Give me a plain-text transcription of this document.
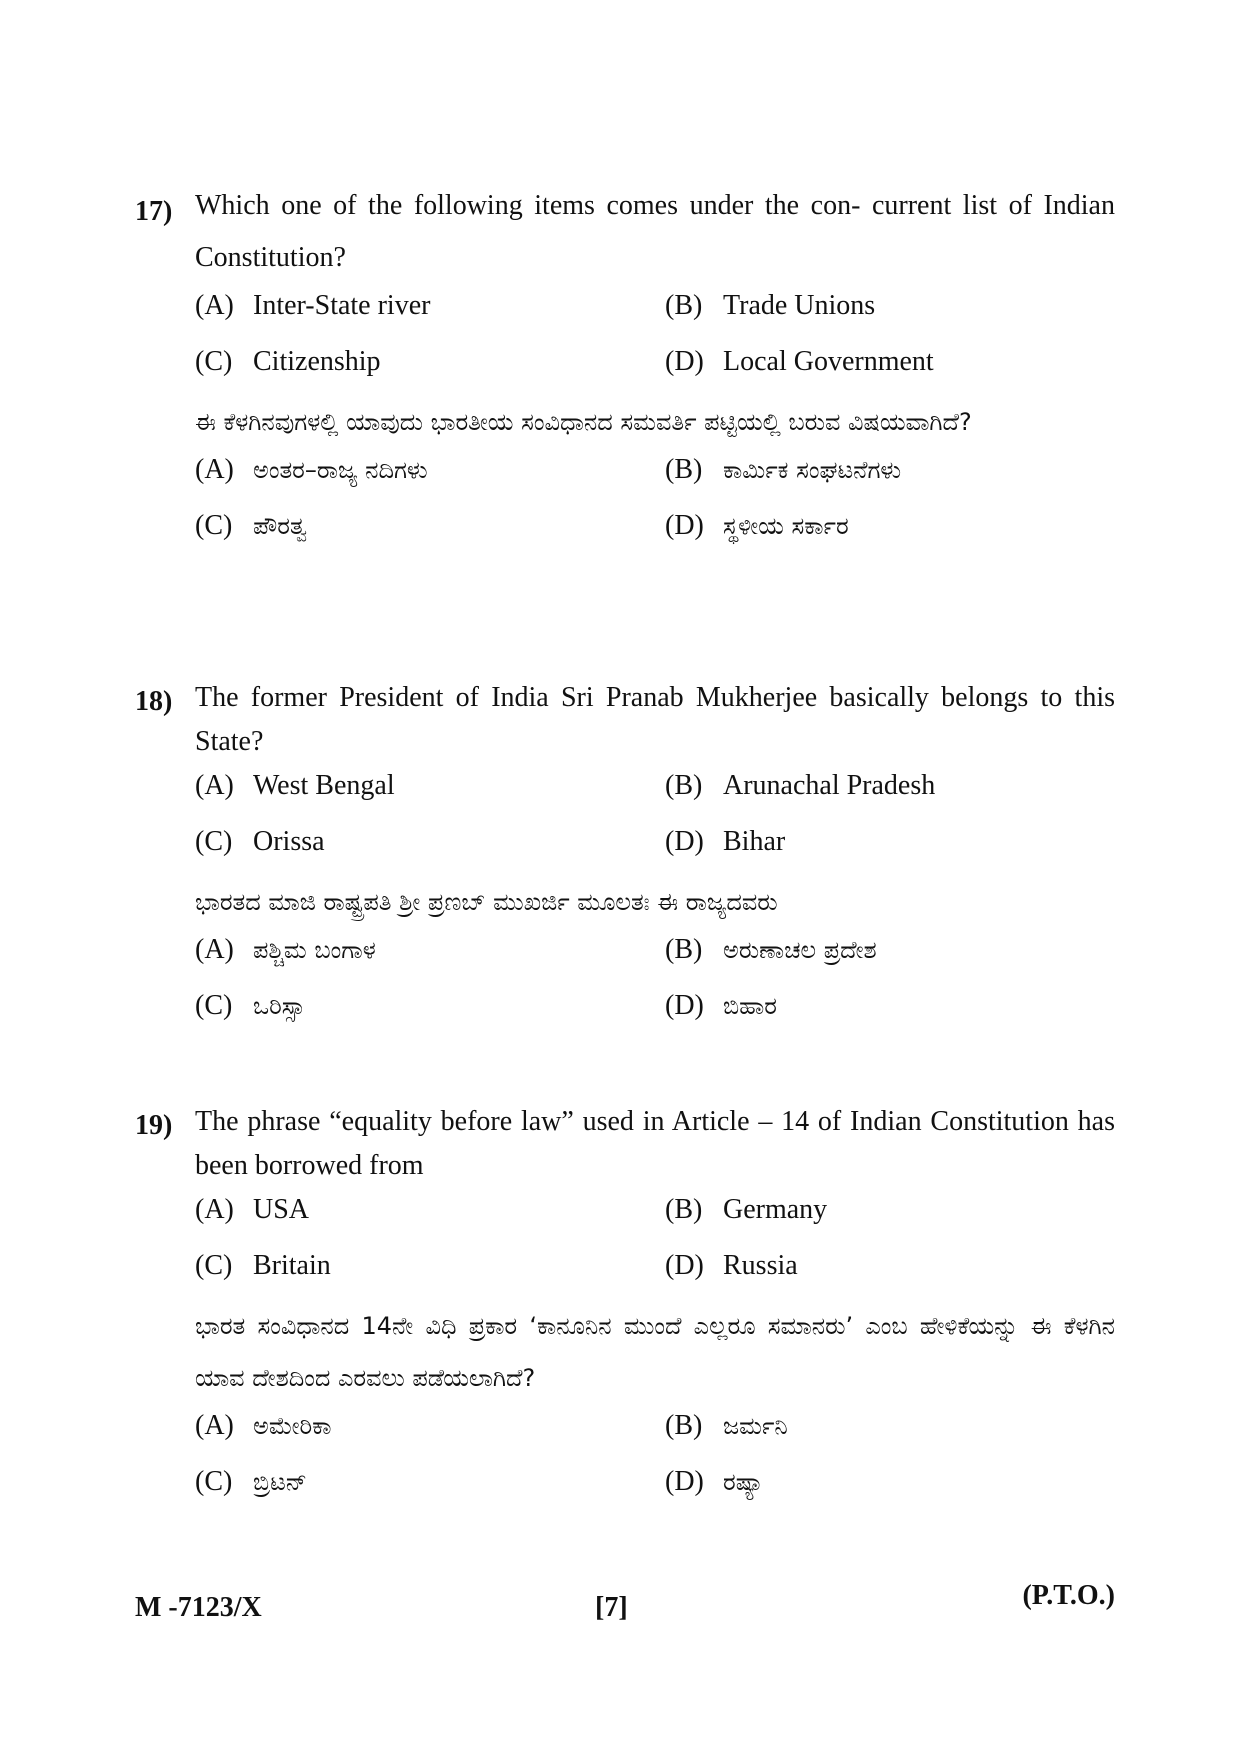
17) Which one of the following items comes under the con- current list of Indian Constitution?
(A) Inter-State river	(B) Trade Unions
(C) Citizenship	(D) Local Government
ಈ ಕೆಳಗಿನವುಗಳಲ್ಲಿ ಯಾವುದು ಭಾರತೀಯ ಸಂವಿಧಾನದ ಸಮವರ್ತಿ ಪಟ್ಟಿಯಲ್ಲಿ ಬರುವ ವಿಷಯವಾಗಿದೆ?
(A) ಅಂತರ–ರಾಜ್ಯ ನದಿಗಳು	(B) ಕಾರ್ಮಿಕ ಸಂಘಟನೆಗಳು
(C) ಪೌರತ್ವ	(D) ಸ್ಥಳೀಯ ಸರ್ಕಾರ
18) The former President of India Sri Pranab Mukherjee basically belongs to this State?
(A) West Bengal	(B) Arunachal Pradesh
(C) Orissa	(D) Bihar
ಭಾರತದ ಮಾಜಿ ರಾಷ್ಟ್ರಪತಿ ಶ್ರೀ ಪ್ರಣಬ್ ಮುಖರ್ಜಿ ಮೂಲತಃ ಈ ರಾಜ್ಯದವರು
(A) ಪಶ್ಚಿಮ ಬಂಗಾಳ	(B) ಅರುಣಾಚಲ ಪ್ರದೇಶ
(C) ಒರಿಸ್ಸಾ	(D) ಬಿಹಾರ
19) The phrase “equality before law” used in Article – 14 of Indian Constitution has been borrowed from
(A) USA	(B) Germany
(C) Britain	(D) Russia
ಭಾರತ ಸಂವಿಧಾನದ 14ನೇ ವಿಧಿ ಪ್ರಕಾರ ‘ಕಾನೂನಿನ ಮುಂದೆ ಎಲ್ಲರೂ ಸಮಾನರು’ ಎಂಬ ಹೇಳಿಕೆಯನ್ನು ಈ ಕೆಳಗಿನ ಯಾವ ದೇಶದಿಂದ ಎರವಲು ಪಡೆಯಲಾಗಿದೆ?
(A) ಅಮೇರಿಕಾ	(B) ಜರ್ಮನಿ
(C) ಬ್ರಿಟನ್	(D) ರಷ್ಯಾ
M -7123/X	[7]	(P.T.O.)
